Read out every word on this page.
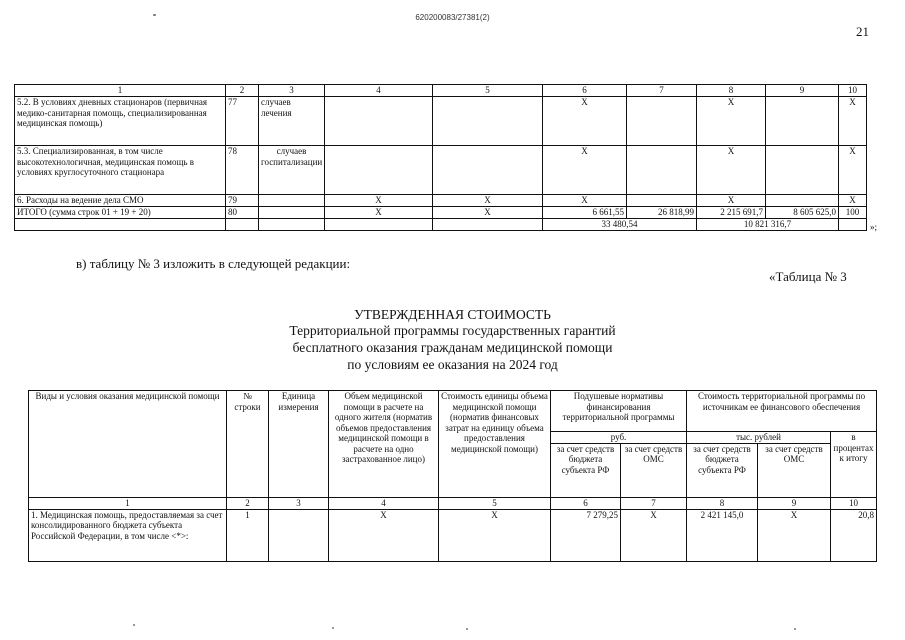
620200083/27381(2)
21
1	2	3	4	5	6	7	8	9	10
5.2. В условиях дневных стационаров (первичная медико-санитарная помощь, специализированная медицинская помощь)	77	случаев лечения			X		X		X
5.3. Специализированная, в том числе высокотехнологичная, медицинская помощь в условиях круглосуточного стационара	78	случаев госпитализации			X		X		X
6. Расходы на ведение дела СМО	79		X	X	X		X		X
ИТОГО (сумма строк 01 + 19 + 20)	80		X	X	6 661,55	26 818,99	2 215 691,7	8 605 625,0	100
					33 480,54		10 821 316,7			»;
в) таблицу № 3 изложить в следующей редакции:
«Таблица № 3
УТВЕРЖДЕННАЯ СТОИМОСТЬ
Территориальной программы государственных гарантий
бесплатного оказания гражданам медицинской помощи
по условиям ее оказания на 2024 год
Виды и условия оказания медицинской помощи	№ строки	Единица измерения	Объем медицинской помощи в расчете на одного жителя (норматив объемов предоставления медицинской помощи в расчете на одно застрахованное лицо)	Стоимость единицы объема медицинской помощи (норматив финансовых затрат на единицу объема предоставления медицинской помощи)	Подушевые нормативы финансирования территориальной программы		Стоимость территориальной программы по источникам ее финансового обеспечения		
					руб.		тыс. рублей		в процентах к итогу
					за счет средств бюджета субъекта РФ	за счет средств ОМС	за счет средств бюджета субъекта РФ	за счет средств ОМС	
1	2	3	4	5	6	7	8	9	10
1. Медицинская помощь, предоставляемая за счет консолидированного бюджета субъекта Российской Федерации, в том числе <*>:	1		X	X	7 279,25	X	2 421 145,0	X	20,8
